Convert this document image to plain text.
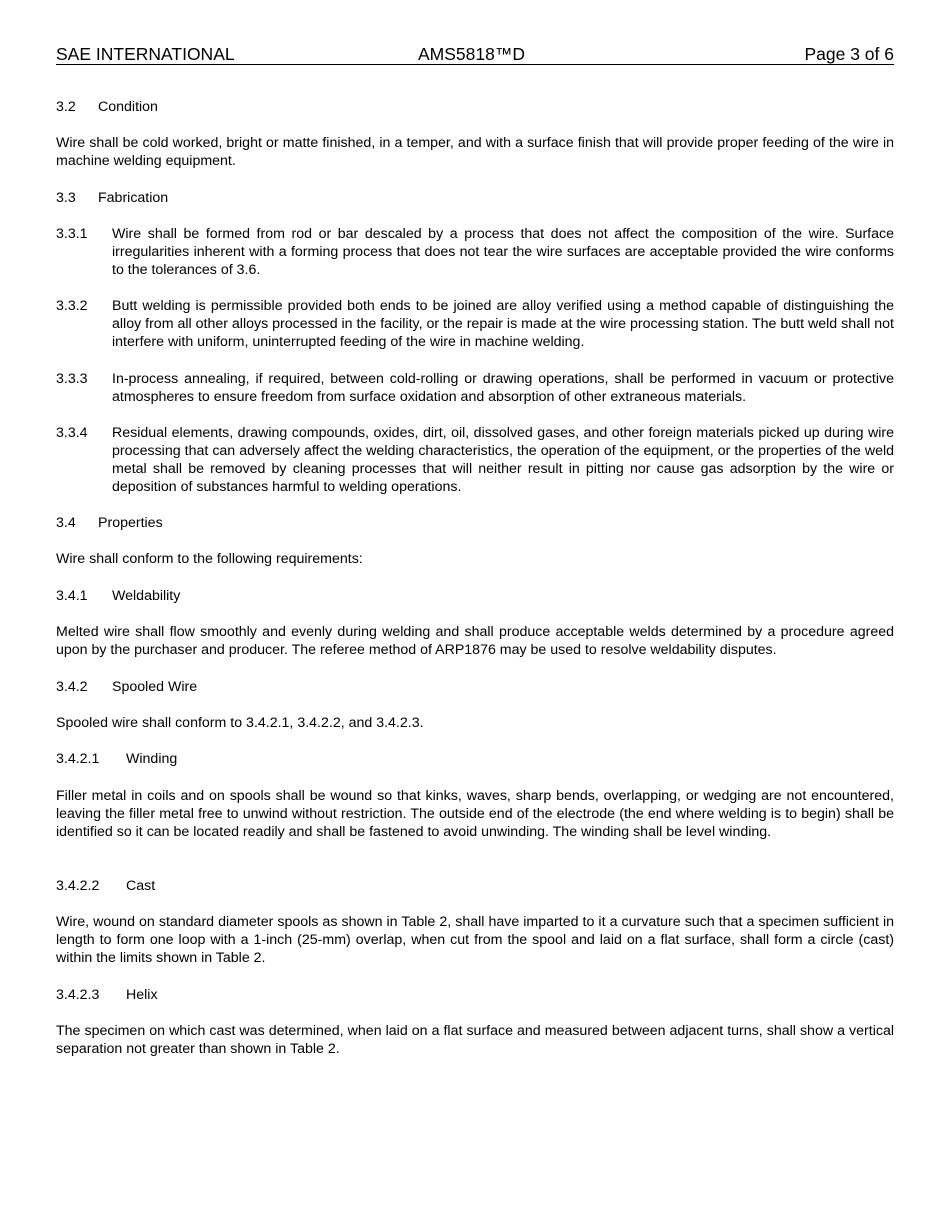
SAE INTERNATIONAL	AMS5818™D	Page 3 of 6
3.2 Condition
Wire shall be cold worked, bright or matte finished, in a temper, and with a surface finish that will provide proper feeding of the wire in machine welding equipment.
3.3 Fabrication
3.3.1 Wire shall be formed from rod or bar descaled by a process that does not affect the composition of the wire. Surface irregularities inherent with a forming process that does not tear the wire surfaces are acceptable provided the wire conforms to the tolerances of 3.6.
3.3.2 Butt welding is permissible provided both ends to be joined are alloy verified using a method capable of distinguishing the alloy from all other alloys processed in the facility, or the repair is made at the wire processing station. The butt weld shall not interfere with uniform, uninterrupted feeding of the wire in machine welding.
3.3.3 In-process annealing, if required, between cold-rolling or drawing operations, shall be performed in vacuum or protective atmospheres to ensure freedom from surface oxidation and absorption of other extraneous materials.
3.3.4 Residual elements, drawing compounds, oxides, dirt, oil, dissolved gases, and other foreign materials picked up during wire processing that can adversely affect the welding characteristics, the operation of the equipment, or the properties of the weld metal shall be removed by cleaning processes that will neither result in pitting nor cause gas adsorption by the wire or deposition of substances harmful to welding operations.
3.4 Properties
Wire shall conform to the following requirements:
3.4.1 Weldability
Melted wire shall flow smoothly and evenly during welding and shall produce acceptable welds determined by a procedure agreed upon by the purchaser and producer. The referee method of ARP1876 may be used to resolve weldability disputes.
3.4.2 Spooled Wire
Spooled wire shall conform to 3.4.2.1, 3.4.2.2, and 3.4.2.3.
3.4.2.1 Winding
Filler metal in coils and on spools shall be wound so that kinks, waves, sharp bends, overlapping, or wedging are not encountered, leaving the filler metal free to unwind without restriction. The outside end of the electrode (the end where welding is to begin) shall be identified so it can be located readily and shall be fastened to avoid unwinding. The winding shall be level winding.
3.4.2.2 Cast
Wire, wound on standard diameter spools as shown in Table 2, shall have imparted to it a curvature such that a specimen sufficient in length to form one loop with a 1-inch (25-mm) overlap, when cut from the spool and laid on a flat surface, shall form a circle (cast) within the limits shown in Table 2.
3.4.2.3 Helix
The specimen on which cast was determined, when laid on a flat surface and measured between adjacent turns, shall show a vertical separation not greater than shown in Table 2.
